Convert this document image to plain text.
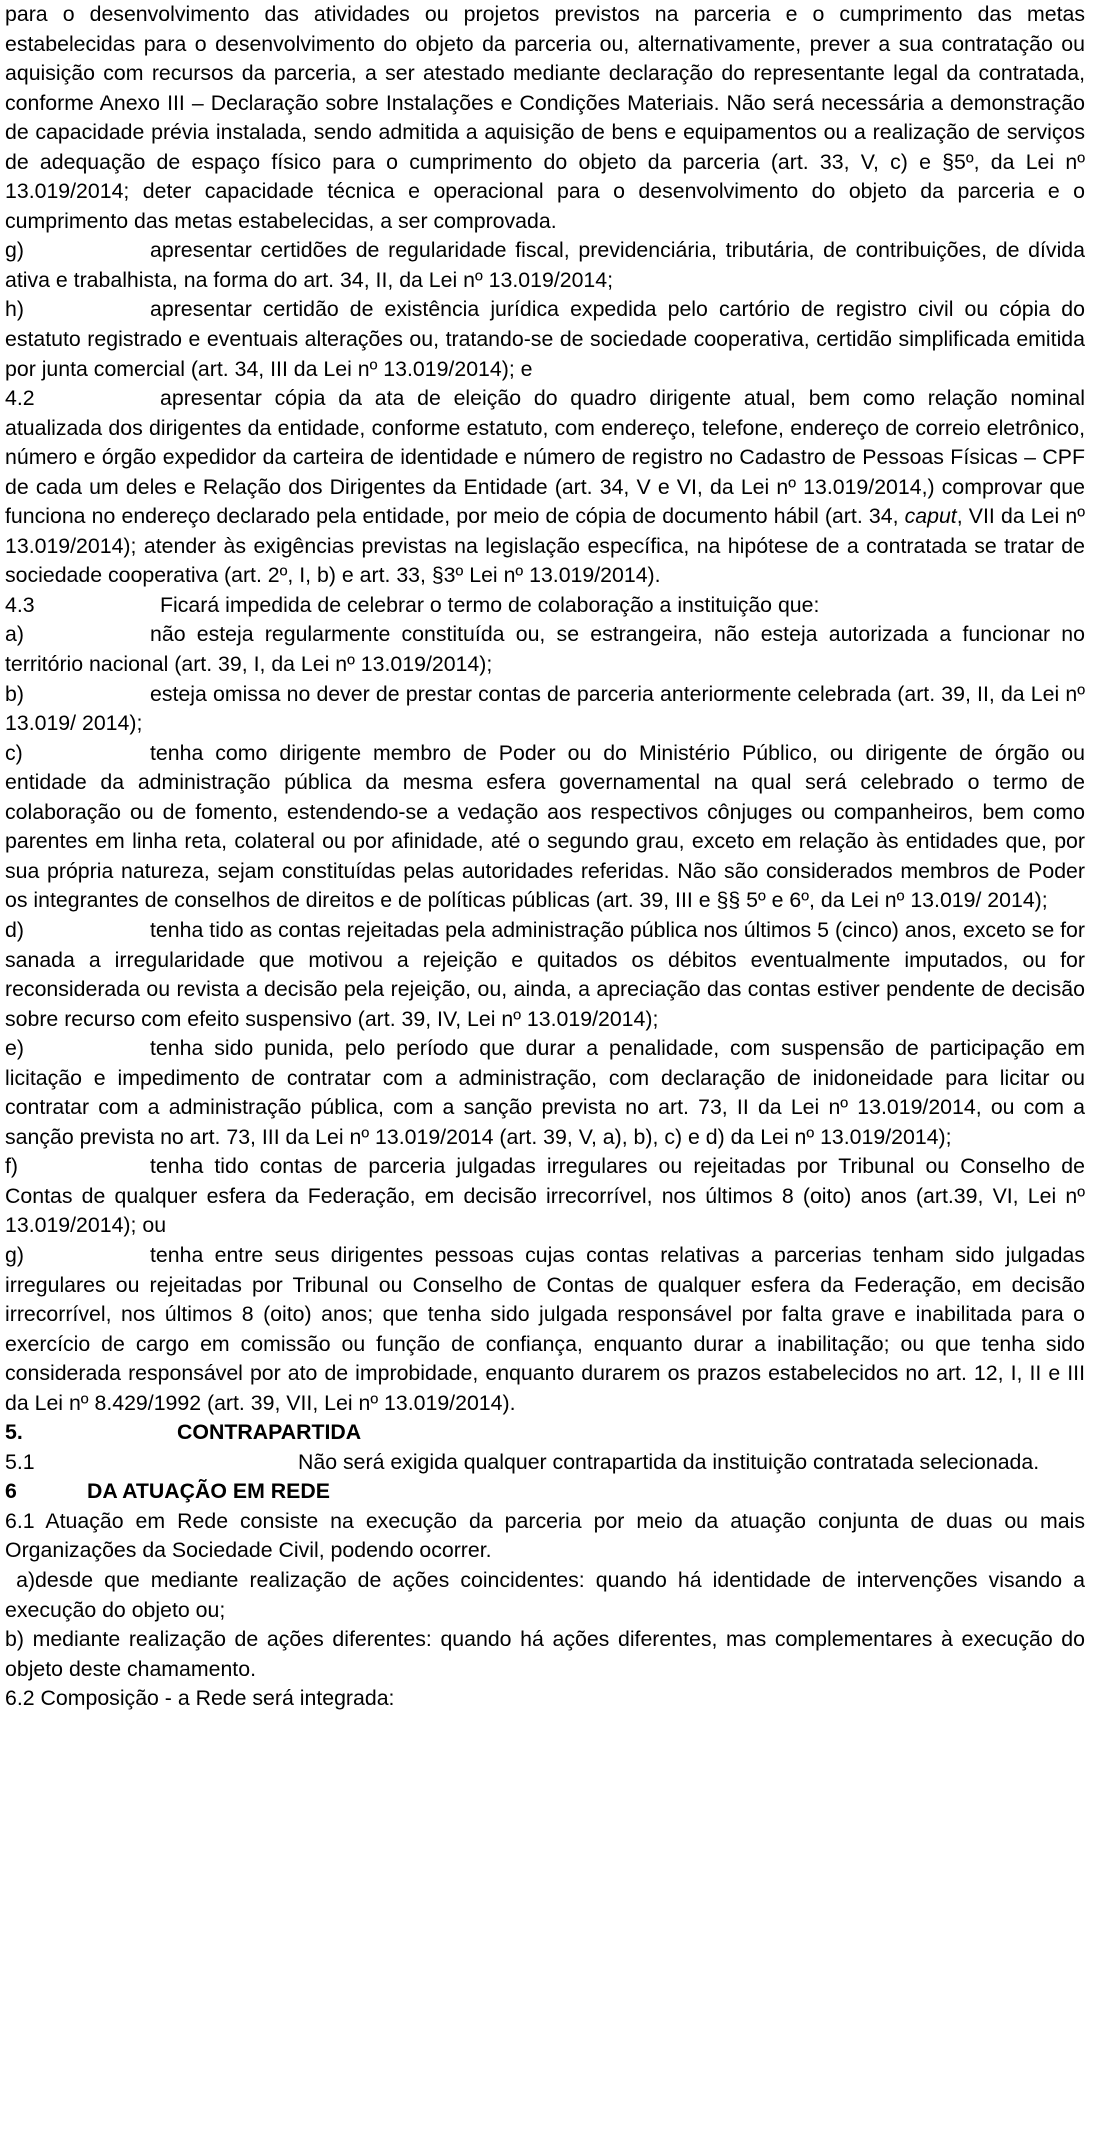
para o desenvolvimento das atividades ou projetos previstos na parceria e o cumprimento das metas estabelecidas para o desenvolvimento do objeto da parceria ou, alternativamente, prever a sua contratação ou aquisição com recursos da parceria, a ser atestado mediante declaração do representante legal da contratada, conforme Anexo III – Declaração sobre Instalações e Condições Materiais. Não será necessária a demonstração de capacidade prévia instalada, sendo admitida a aquisição de bens e equipamentos ou a realização de serviços de adequação de espaço físico para o cumprimento do objeto da parceria (art. 33, V, c) e §5º, da Lei nº 13.019/2014; deter capacidade técnica e operacional para o desenvolvimento do objeto da parceria e o cumprimento das metas estabelecidas, a ser comprovada.

g)	apresentar certidões de regularidade fiscal, previdenciária, tributária, de contribuições, de dívida ativa e trabalhista, na forma do art. 34, II, da Lei nº 13.019/2014;

h)	apresentar certidão de existência jurídica expedida pelo cartório de registro civil ou cópia do estatuto registrado e eventuais alterações ou, tratando-se de sociedade cooperativa, certidão simplificada emitida por junta comercial (art. 34, III da Lei nº 13.019/2014); e

4.2	apresentar cópia da ata de eleição do quadro dirigente atual, bem como relação nominal atualizada dos dirigentes da entidade, conforme estatuto, com endereço, telefone, endereço de correio eletrônico, número e órgão expedidor da carteira de identidade e número de registro no Cadastro de Pessoas Físicas – CPF de cada um deles e Relação dos Dirigentes da Entidade (art. 34, V e VI, da Lei nº 13.019/2014,) comprovar que funciona no endereço declarado pela entidade, por meio de cópia de documento hábil (art. 34, caput, VII da Lei nº 13.019/2014); atender às exigências previstas na legislação específica, na hipótese de a contratada se tratar de sociedade cooperativa (art. 2º, I, b) e art. 33, §3º Lei nº 13.019/2014).

4.3	Ficará impedida de celebrar o termo de colaboração a instituição que:

a)	não esteja regularmente constituída ou, se estrangeira, não esteja autorizada a funcionar no território nacional (art. 39, I, da Lei nº 13.019/2014);

b)	esteja omissa no dever de prestar contas de parceria anteriormente celebrada (art. 39, II, da Lei nº 13.019/ 2014);

c)	tenha como dirigente membro de Poder ou do Ministério Público, ou dirigente de órgão ou entidade da administração pública da mesma esfera governamental na qual será celebrado o termo de colaboração ou de fomento, estendendo-se a vedação aos respectivos cônjuges ou companheiros, bem como parentes em linha reta, colateral ou por afinidade, até o segundo grau, exceto em relação às entidades que, por sua própria natureza, sejam constituídas pelas autoridades referidas. Não são considerados membros de Poder os integrantes de conselhos de direitos e de políticas públicas (art. 39, III e §§ 5º e 6º, da Lei nº 13.019/ 2014);

d)	tenha tido as contas rejeitadas pela administração pública nos últimos 5 (cinco) anos, exceto se for sanada a irregularidade que motivou a rejeição e quitados os débitos eventualmente imputados, ou for reconsiderada ou revista a decisão pela rejeição, ou, ainda, a apreciação das contas estiver pendente de decisão sobre recurso com efeito suspensivo (art. 39, IV, Lei nº 13.019/2014);

e)	tenha sido punida, pelo período que durar a penalidade, com suspensão de participação em licitação e impedimento de contratar com a administração, com declaração de inidoneidade para licitar ou contratar com a administração pública, com a sanção prevista no art. 73, II da Lei nº 13.019/2014, ou com a sanção prevista no art. 73, III da Lei nº 13.019/2014 (art. 39, V, a), b), c) e d) da Lei nº 13.019/2014);

f)	tenha tido contas de parceria julgadas irregulares ou rejeitadas por Tribunal ou Conselho de Contas de qualquer esfera da Federação, em decisão irrecorrível, nos últimos 8 (oito) anos (art.39, VI, Lei nº 13.019/2014); ou

g)	tenha entre seus dirigentes pessoas cujas contas relativas a parcerias tenham sido julgadas irregulares ou rejeitadas por Tribunal ou Conselho de Contas de qualquer esfera da Federação, em decisão irrecorrível, nos últimos 8 (oito) anos; que tenha sido julgada responsável por falta grave e inabilitada para o exercício de cargo em comissão ou função de confiança, enquanto durar a inabilitação; ou que tenha sido considerada responsável por ato de improbidade, enquanto durarem os prazos estabelecidos no art. 12, I, II e III da Lei nº 8.429/1992 (art. 39, VII, Lei nº 13.019/2014).

5.	CONTRAPARTIDA

5.1	Não será exigida qualquer contrapartida da instituição contratada selecionada.

6	DA ATUAÇÃO EM REDE

6.1 Atuação em Rede consiste na execução da parceria por meio da atuação conjunta de duas ou mais Organizações da Sociedade Civil, podendo ocorrer.

a)desde que mediante realização de ações coincidentes: quando há identidade de intervenções visando a execução do objeto ou;

b) mediante realização de ações diferentes: quando há ações diferentes, mas complementares à execução do objeto deste chamamento.

6.2 Composição - a Rede será integrada:
